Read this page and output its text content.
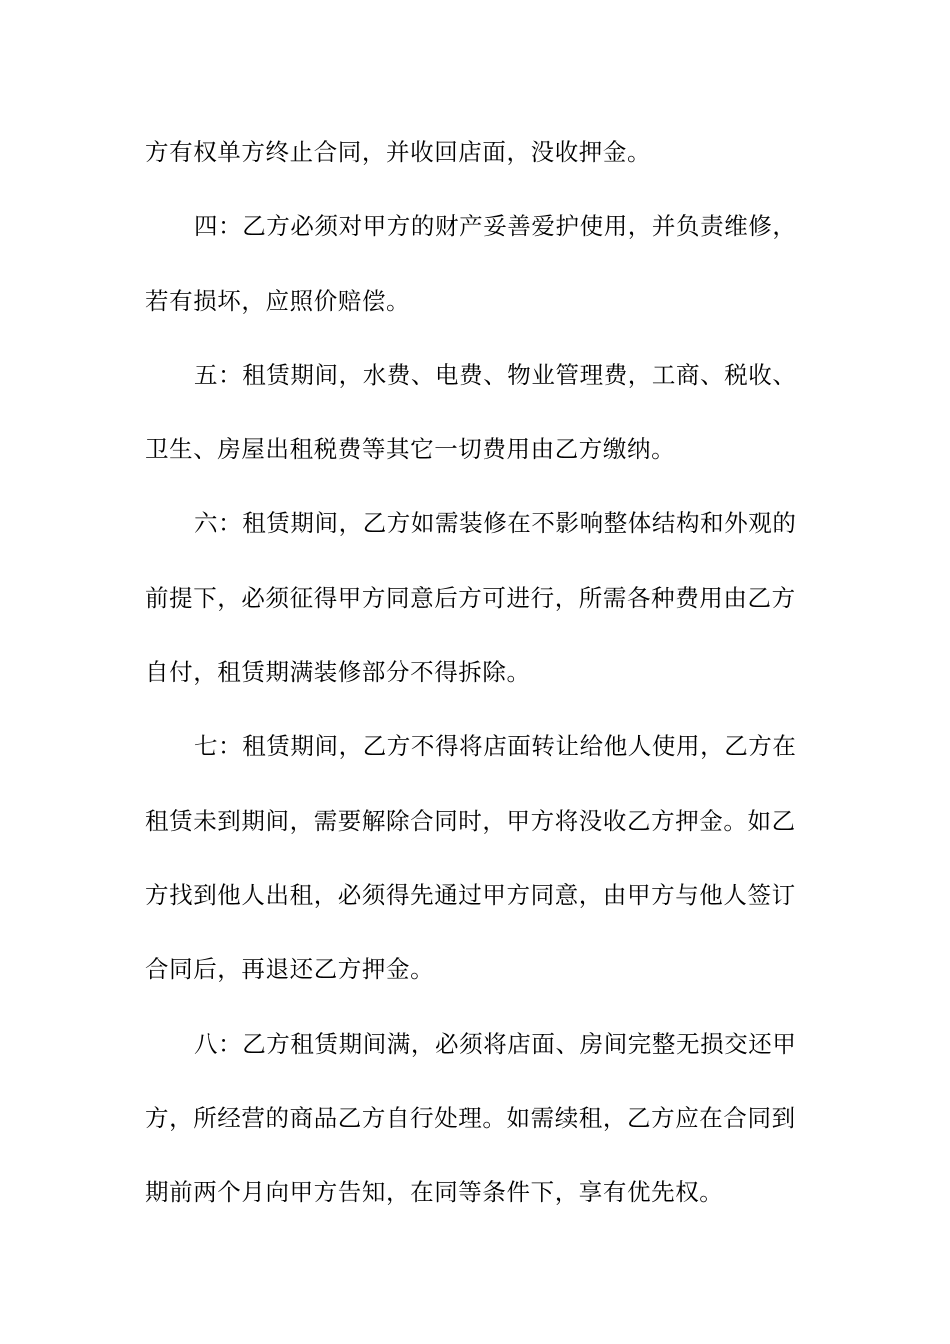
方有权单方终止合同，并收回店面，没收押金。
四：乙方必须对甲方的财产妥善爱护使用，并负责维修，
若有损坏，应照价赔偿。
五：租赁期间，水费、电费、物业管理费，工商、税收、
卫生、房屋出租税费等其它一切费用由乙方缴纳。
六：租赁期间，乙方如需装修在不影响整体结构和外观的
前提下，必须征得甲方同意后方可进行，所需各种费用由乙方
自付，租赁期满装修部分不得拆除。
七：租赁期间，乙方不得将店面转让给他人使用，乙方在
租赁未到期间，需要解除合同时，甲方将没收乙方押金。如乙
方找到他人出租，必须得先通过甲方同意，由甲方与他人签订
合同后，再退还乙方押金。
八：乙方租赁期间满，必须将店面、房间完整无损交还甲
方，所经营的商品乙方自行处理。如需续租，乙方应在合同到
期前两个月向甲方告知，在同等条件下，享有优先权。
